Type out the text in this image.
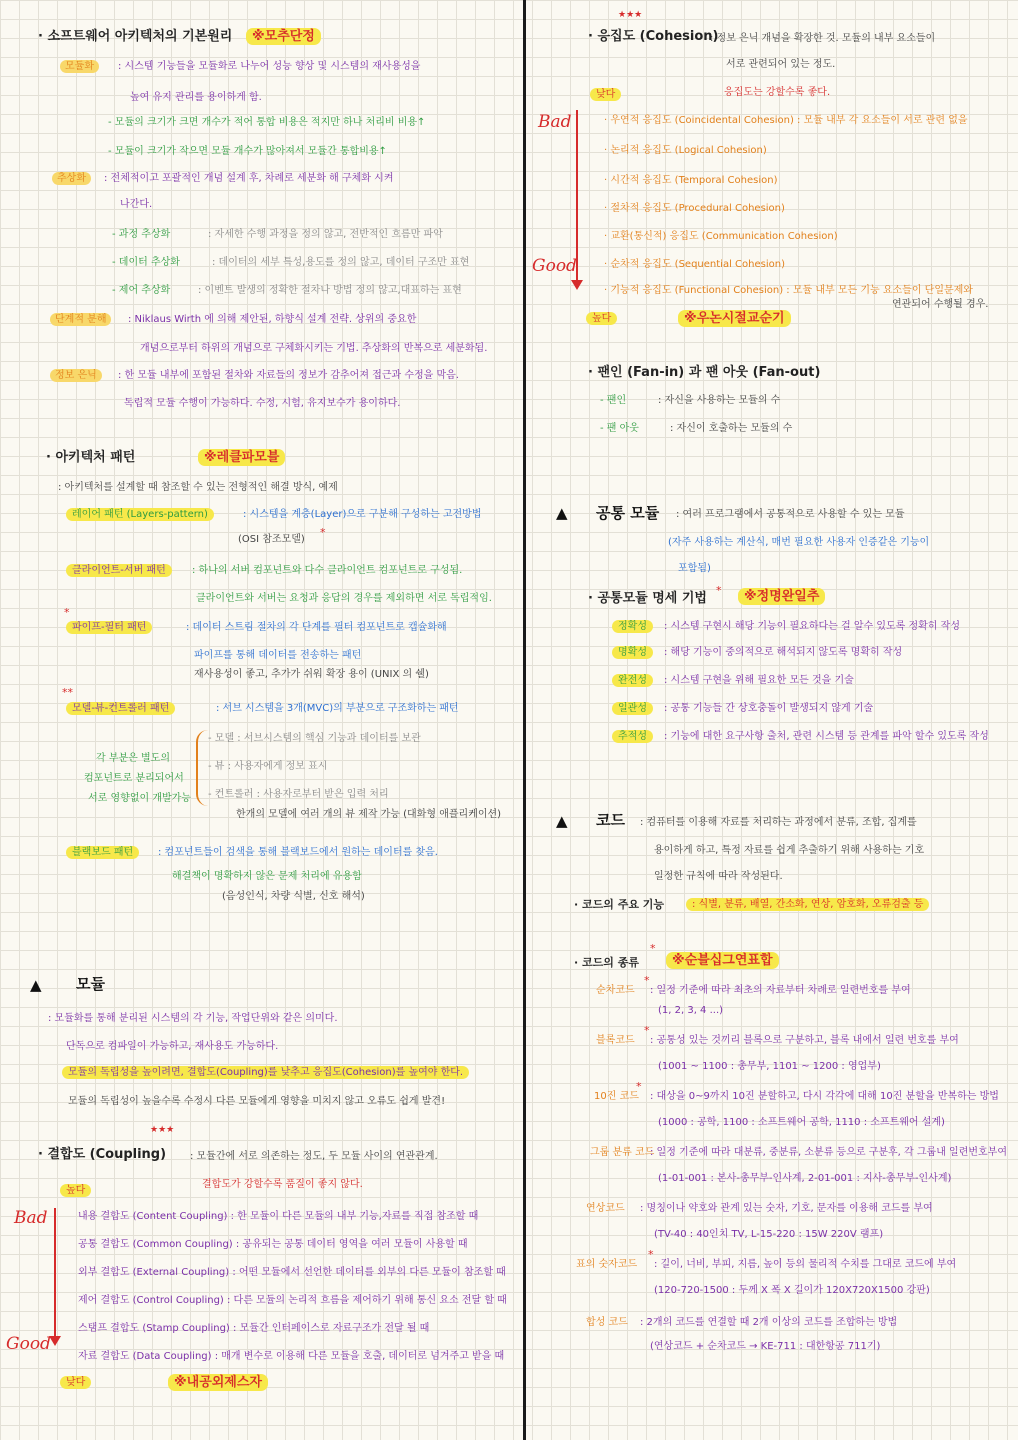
· 소프트웨어 아키텍처의 기본원리	※모추단정
모듈화	: 시스템 기능들을 모듈화로 나누어 성능 향상 및 시스템의 재사용성을
높여 유지 관리를 용이하게 함.
- 모듈의 크기가 크면 개수가 적어 통합 비용은 적지만 하나 처리비 비용↑
- 모듈이 크기가 작으면 모듈 개수가 많아져서 모듈간 통합비용↑
추상화	: 전체적이고 포괄적인 개념 설계 후, 차례로 세분화 해 구체화 시켜
나간다.
- 과정 추상화	: 자세한 수행 과정을 정의 않고, 전반적인 흐름만 파악
- 데이터 추상화	: 데이터의 세부 특성,용도를 정의 않고, 데이터 구조만 표현
- 제어 추상화	: 이벤트 발생의 정확한 절차나 방법 정의 않고,대표하는 표현
단계적 분해	: Niklaus Wirth 에 의해 제안된, 하향식 설계 전략. 상위의 중요한
개념으로부터 하위의 개념으로 구체화시키는 기법. 추상화의 반복으로 세분화됨.
정보 은닉	: 한 모듈 내부에 포함된 절차와 자료들의 정보가 감추어져 접근과 수정을 막음.
독립적 모듈 수행이 가능하다. 수정, 시험, 유지보수가 용이하다.
· 아키텍처 패턴	※레클파모블
: 아키텍처를 설계할 때 참조할 수 있는 전형적인 해결 방식, 예제
레이어 패턴 (Layers-pattern)	: 시스템을 계층(Layer)으로 구분해 구성하는 고전방법
(OSI 참조모델)
*
클라이언트-서버 패턴	: 하나의 서버 컴포넌트와 다수 클라이언트 컴포넌트로 구성됨.
클라이언트와 서버는 요청과 응답의 경우를 제외하면 서로 독립적임.
*
파이프-필터 패턴	: 데이터 스트림 절차의 각 단계를 필터 컴포넌트로 캡슐화해
파이프를 통해 데이터를 전송하는 패턴
재사용성이 좋고, 추가가 쉬워 확장 용이 (UNIX 의 쉘)
**
모델-뷰-컨트롤러 패턴	: 서브 시스템을 3개(MVC)의 부분으로 구조화하는 패턴
- 모델 : 서브시스템의 핵심 기능과 데이터를 보관
- 뷰 : 사용자에게 정보 표시
- 컨트롤러 : 사용자로부터 받은 입력 처리
각 부분은 별도의
컴포넌트로 분리되어서
서로 영향없이 개발가능
한개의 모델에 여러 개의 뷰 제작 가능 (대화형 애플리케이션)
블랙보드 패턴	: 컴포넌트들이 검색을 통해 블랙보드에서 원하는 데이터를 찾음.
해결책이 명확하지 않은 문제 처리에 유용함
(음성인식, 차량 식별, 신호 해석)
▲ 모듈
: 모듈화를 통해 분리된 시스템의 각 기능, 작업단위와 같은 의미다.
단독으로 컴파일이 가능하고, 재사용도 가능하다.
모듈의 독립성을 높이려면, 결합도(Coupling)를 낮추고 응집도(Cohesion)를 높여야 한다.
모듈의 독립성이 높을수록 수정시 다른 모듈에게 영향을 미치지 않고 오류도 쉽게 발견!
★★★
· 결합도 (Coupling) : 모듈간에 서로 의존하는 정도, 두 모듈 사이의 연관관계.
결합도가 강할수록 품질이 좋지 않다.
높다
Bad
Good
내용 결합도 (Content Coupling) : 한 모듈이 다른 모듈의 내부 기능,자료를 직접 참조할 때
공통 결합도 (Common Coupling) : 공유되는 공통 데이터 영역을 여러 모듈이 사용할 때
외부 결합도 (External Coupling) : 어떤 모듈에서 선언한 데이터를 외부의 다른 모듈이 참조할 때
제어 결합도 (Control Coupling) : 다른 모듈의 논리적 흐름을 제어하기 위해 통신 요소 전달 할 때
스탬프 결합도 (Stamp Coupling) : 모듈간 인터페이스로 자료구조가 전달 될 때
자료 결합도 (Data Coupling) : 매개 변수로 이용해 다른 모듈을 호출, 데이터로 넘겨주고 받을 때
낮다	※내공외제스자
★★★
· 응집도 (Cohesion)
: 정보 은닉 개념을 확장한 것. 모듈의 내부 요소들이
서로 관련되어 있는 정도.
응집도는 강할수록 좋다.
낮다
Bad
Good
· 우연적 응집도 (Coincidental Cohesion) : 모듈 내부 각 요소들이 서로 관련 없을
· 논리적 응집도 (Logical Cohesion)
· 시간적 응집도 (Temporal Cohesion)
· 절차적 응집도 (Procedural Cohesion)
· 교환(통신적) 응집도 (Communication Cohesion)
· 순차적 응집도 (Sequential Cohesion)
· 기능적 응집도 (Functional Cohesion) : 모듈 내부 모든 기능 요소들이 단일문제와
연관되어 수행될 경우.
높다	※우논시절교순기
· 팬인 (Fan-in) 과 팬 아웃 (Fan-out)
- 팬인	: 자신을 사용하는 모듈의 수
- 팬 아웃	: 자신이 호출하는 모듈의 수
▲ 공통 모듈 : 여러 프로그램에서 공통적으로 사용할 수 있는 모듈
(자주 사용하는 계산식, 매번 필요한 사용자 인증같은 기능이
포함됨)
· 공통모듈 명세 기법
*	※정명완일추
정확성	: 시스템 구현시 해당 기능이 필요하다는 걸 알수 있도록 정확히 작성
명확성	: 해당 기능이 중의적으로 해석되지 않도록 명확히 작성
완전성	: 시스템 구현을 위해 필요한 모든 것을 기술
일관성	: 공통 기능들 간 상호충돌이 발생되지 않게 기술
추적성	: 기능에 대한 요구사항 출처, 관련 시스템 등 관계를 파악 할수 있도록 작성
▲ 코드 : 컴퓨터를 이용해 자료를 처리하는 과정에서 분류, 조합, 집계를
용이하게 하고, 특정 자료를 쉽게 추출하기 위해 사용하는 기호
일정한 규칙에 따라 작성된다.
· 코드의 주요 기능	: 식별, 분류, 배열, 간소화, 연상, 암호화, 오류검출 등
· 코드의 종류
*
※순블십그연표합
순차코드
*
: 일정 기준에 따라 최초의 자료부터 차례로 일련번호를 부여
(1, 2, 3, 4 ...)
블록코드
*
: 공통성 있는 것끼리 블록으로 구분하고, 블록 내에서 일련 번호를 부여
(1001 ~ 1100 : 총무부, 1101 ~ 1200 : 영업부)
10진 코드
*
: 대상을 0~9까지 10진 분할하고, 다시 각각에 대해 10진 분할을 반복하는 방법
(1000 : 공학, 1100 : 소프트웨어 공학, 1110 : 소프트웨어 설계)
그룹 분류 코드
: 일정 기준에 따라 대분류, 중분류, 소분류 등으로 구분후, 각 그룹내 일련번호부여
(1-01-001 : 본사-총무부-인사계, 2-01-001 : 지사-총무부-인사계)
연상코드 : 명칭이나 약호와 관계 있는 숫자, 기호, 문자를 이용해 코드를 부여
(TV-40 : 40인치 TV, L-15-220 : 15W 220V 램프)
표의 숫자코드
*
: 길이, 너비, 부피, 지름, 높이 등의 물리적 수치를 그대로 코드에 부여
(120-720-1500 : 두께 X 폭 X 길이가 120X720X1500 강판)
합성 코드 : 2개의 코드를 연결할 때 2개 이상의 코드를 조합하는 방법
(연상코드 + 순차코드 → KE-711 : 대한항공 711기)
